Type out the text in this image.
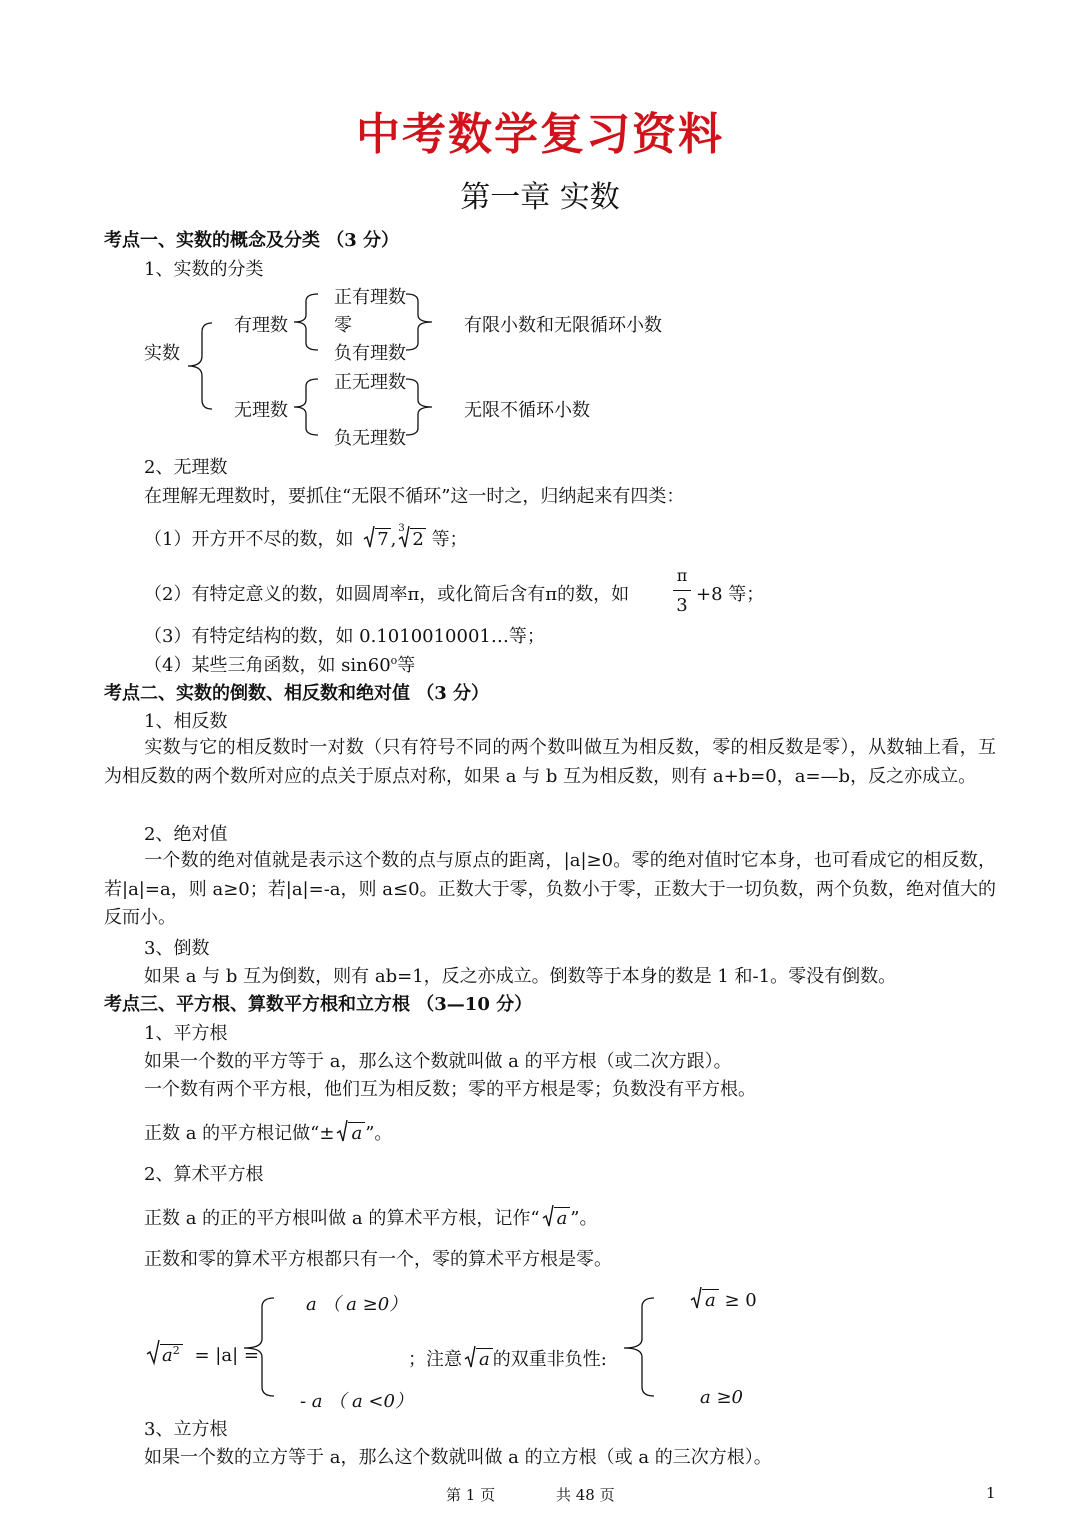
中考数学复习资料
第一章 实数
考点一、实数的概念及分类 （3 分）
1、实数的分类
实数
有理数
无理数
正有理数
零
负有理数
正无理数
负无理数
有限小数和无限循环小数
无限不循环小数
2、无理数
在理解无理数时，要抓住“无限不循环”这一时之，归纳起来有四类：
（1）开方开不尽的数，如 7 ,
3
2 等；
（2）有特定意义的数，如圆周率π，或化简后含有π的数，如
π
3
+8 等；
（3）有特定结构的数，如 0.1010010001…等；
（4）某些三角函数，如 sin60$^o$等
考点二、实数的倒数、相反数和绝对值 （3 分）
1、相反数
实数与它的相反数时一对数（只有符号不同的两个数叫做互为相反数，零的相反数是零），从数轴上看，互为相反数的两个数所对应的点关于原点对称，如果 a 与 b 互为相反数，则有 a+b=0，a=—b，反之亦成立。
2、绝对值
一个数的绝对值就是表示这个数的点与原点的距离，|a|≥0。零的绝对值时它本身，也可看成它的相反数，若|a|=a，则 a≥0；若|a|=-a，则 a≤0。正数大于零，负数小于零，正数大于一切负数，两个负数，绝对值大的反而小。
3、倒数
如果 a 与 b 互为倒数，则有 ab=1，反之亦成立。倒数等于本身的数是 1 和-1。零没有倒数。
考点三、平方根、算数平方根和立方根 （3—10 分）
1、平方根
如果一个数的平方等于 a，那么这个数就叫做 a 的平方根（或二次方跟）。
一个数有两个平方根，他们互为相反数；零的平方根是零；负数没有平方根。
正数 a 的平方根记做“± a ”。
2、算术平方根
正数 a 的正的平方根叫做 a 的算术平方根，记作“ a ”。
正数和零的算术平方根都只有一个，零的算术平方根是零。
$a^2 = |a|$ =
a （ a ≥0）
- a （ a <0）
；注意 a 的双重非负性:
a ≥ 0
a ≥0
3、立方根
如果一个数的立方等于 a，那么这个数就叫做 a 的立方根（或 a 的三次方根）。
第 1 页	共 48 页	1
